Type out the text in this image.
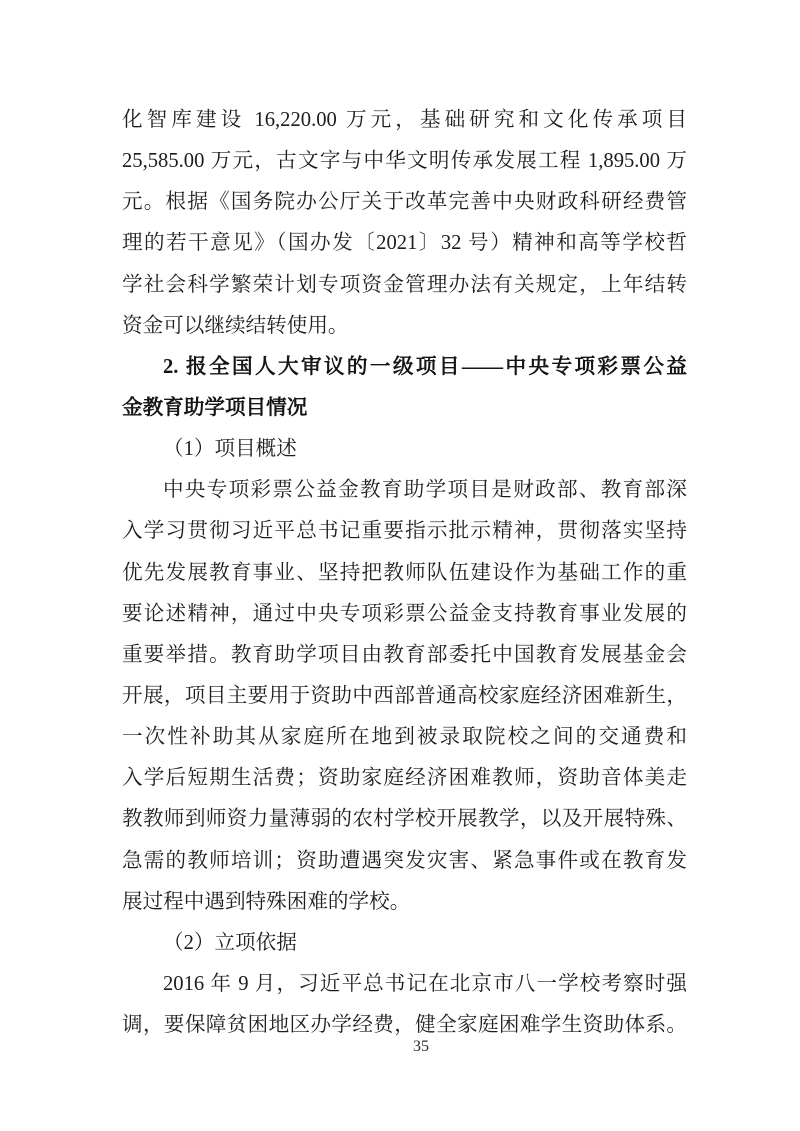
化智库建设 16,220.00 万元，基础研究和文化传承项目
25,585.00 万元，古文字与中华文明传承发展工程 1,895.00 万
元。根据《国务院办公厅关于改革完善中央财政科研经费管
理的若干意见》（国办发〔2021〕32 号）精神和高等学校哲
学社会科学繁荣计划专项资金管理办法有关规定，上年结转
资金可以继续结转使用。
2. 报全国人大审议的一级项目——中央专项彩票公益
金教育助学项目情况
（1）项目概述
中央专项彩票公益金教育助学项目是财政部、教育部深
入学习贯彻习近平总书记重要指示批示精神，贯彻落实坚持
优先发展教育事业、坚持把教师队伍建设作为基础工作的重
要论述精神，通过中央专项彩票公益金支持教育事业发展的
重要举措。教育助学项目由教育部委托中国教育发展基金会
开展，项目主要用于资助中西部普通高校家庭经济困难新生，
一次性补助其从家庭所在地到被录取院校之间的交通费和
入学后短期生活费；资助家庭经济困难教师，资助音体美走
教教师到师资力量薄弱的农村学校开展教学，以及开展特殊、
急需的教师培训；资助遭遇突发灾害、紧急事件或在教育发
展过程中遇到特殊困难的学校。
（2）立项依据
2016 年 9 月，习近平总书记在北京市八一学校考察时强
调，要保障贫困地区办学经费，健全家庭困难学生资助体系。
35
